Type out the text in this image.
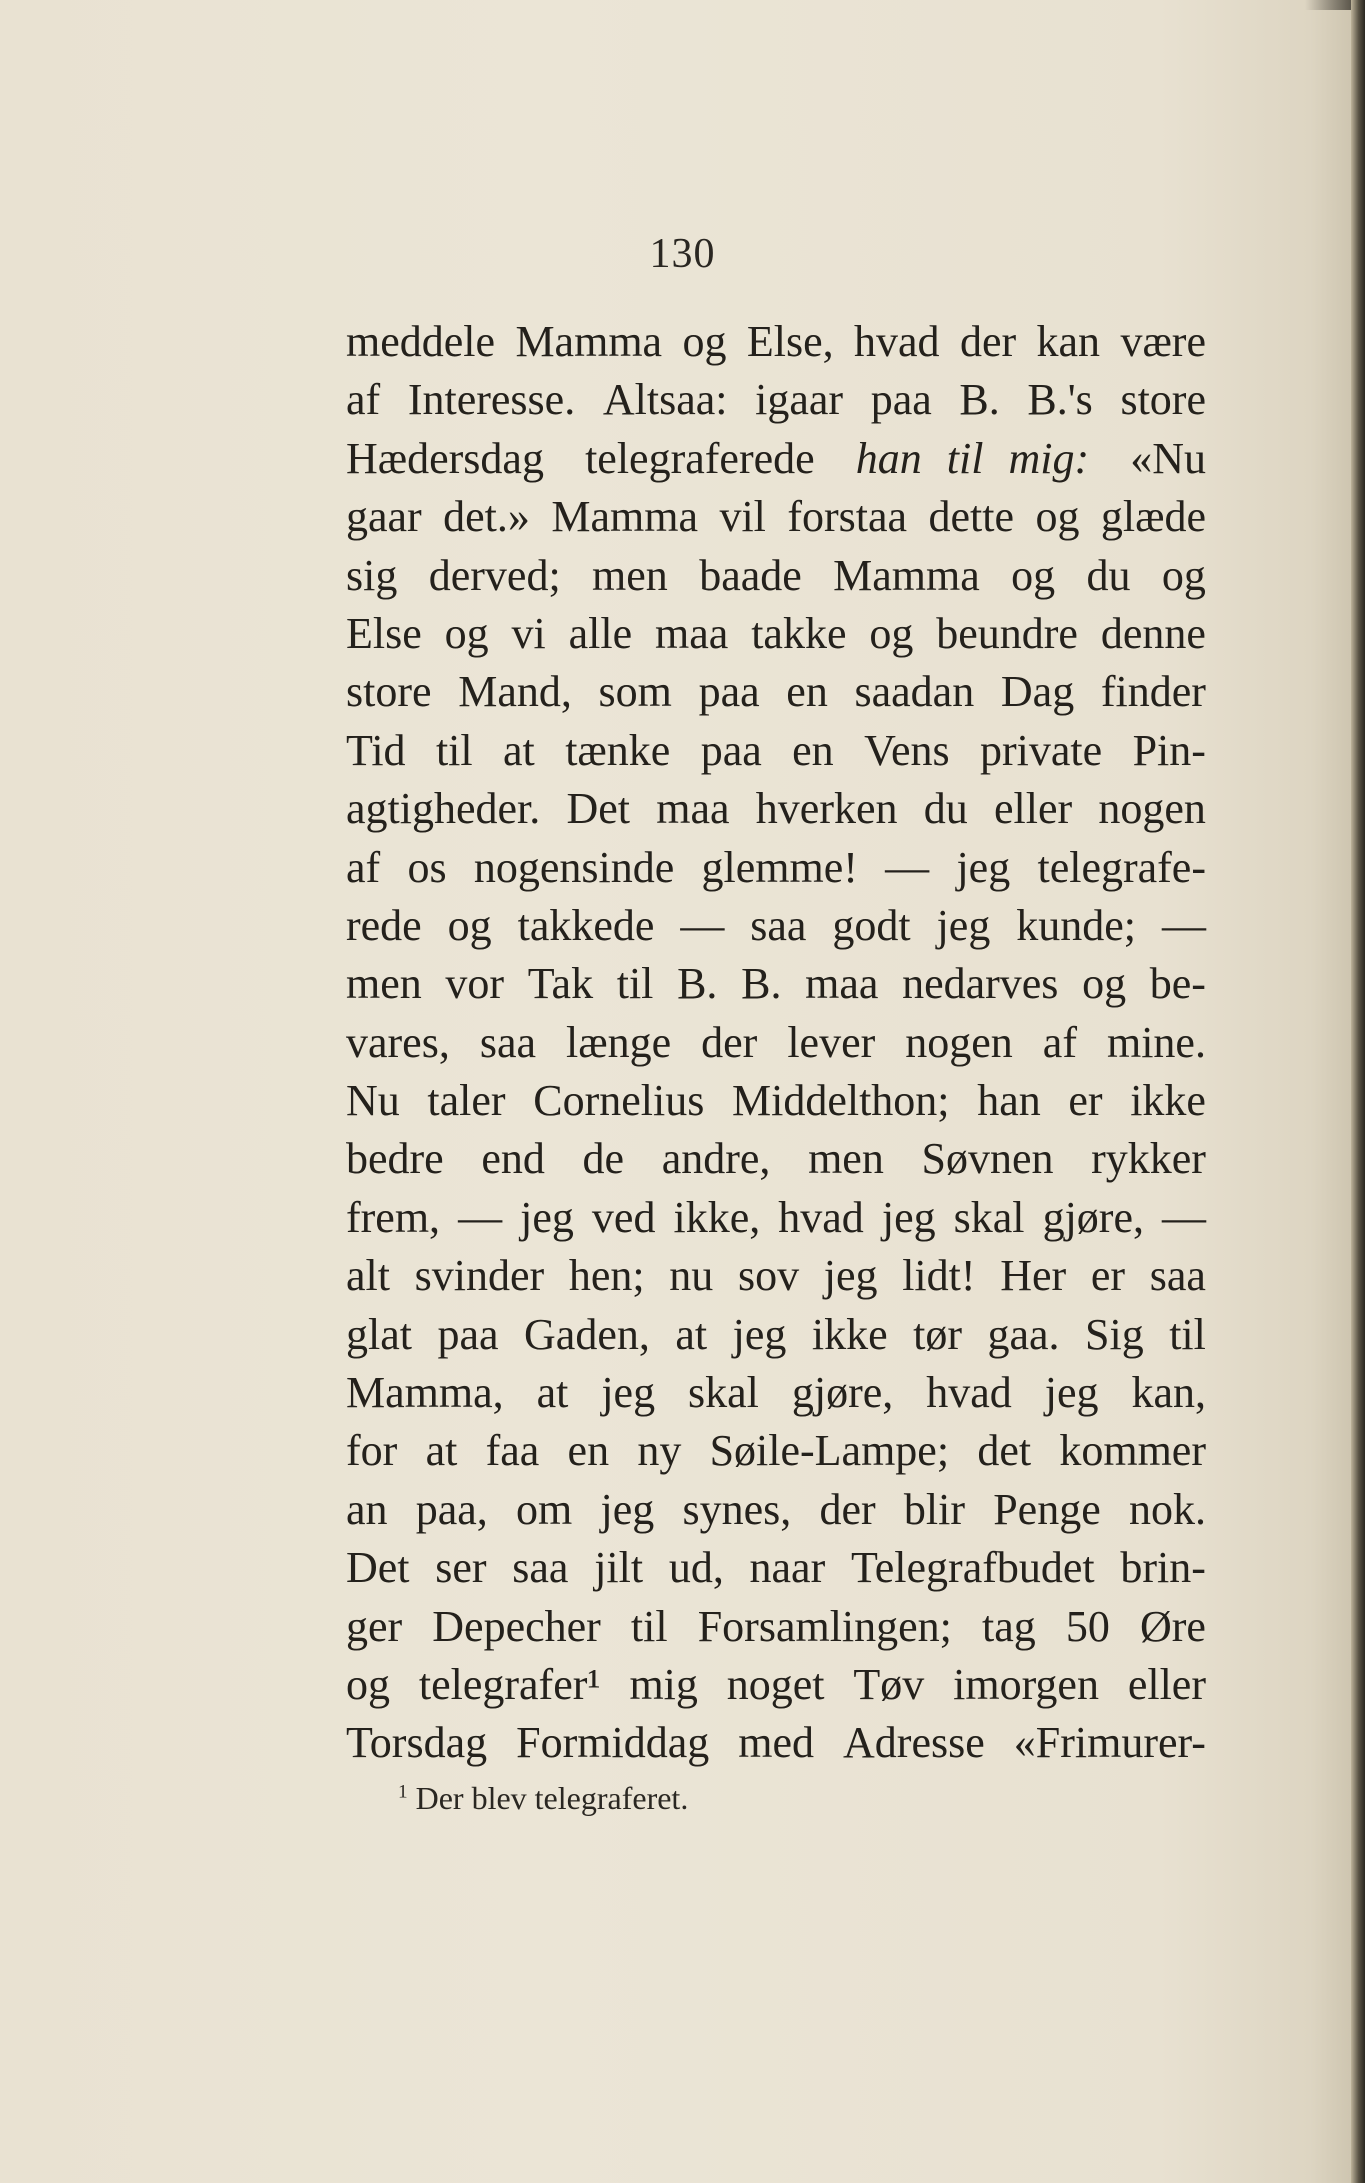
130
meddele Mamma og Else, hvad der kan være
af Interesse. Altsaa: igaar paa B. B.'s store
Hædersdag telegraferede han til mig: «Nu
gaar det.» Mamma vil forstaa dette og glæde
sig derved; men baade Mamma og du og
Else og vi alle maa takke og beundre denne
store Mand, som paa en saadan Dag finder
Tid til at tænke paa en Vens private Pin-
agtigheder. Det maa hverken du eller nogen
af os nogensinde glemme! — jeg telegrafe-
rede og takkede — saa godt jeg kunde; —
men vor Tak til B. B. maa nedarves og be-
vares, saa længe der lever nogen af mine.
Nu taler Cornelius Middelthon; han er ikke
bedre end de andre, men Søvnen rykker
frem, — jeg ved ikke, hvad jeg skal gjøre, —
alt svinder hen; nu sov jeg lidt! Her er saa
glat paa Gaden, at jeg ikke tør gaa. Sig til
Mamma, at jeg skal gjøre, hvad jeg kan,
for at faa en ny Søile-Lampe; det kommer
an paa, om jeg synes, der blir Penge nok.
Det ser saa jilt ud, naar Telegrafbudet brin-
ger Depecher til Forsamlingen; tag 50 Øre
og telegrafer¹ mig noget Tøv imorgen eller
Torsdag Formiddag med Adresse «Frimurer-
$^1$ Der blev telegraferet.
